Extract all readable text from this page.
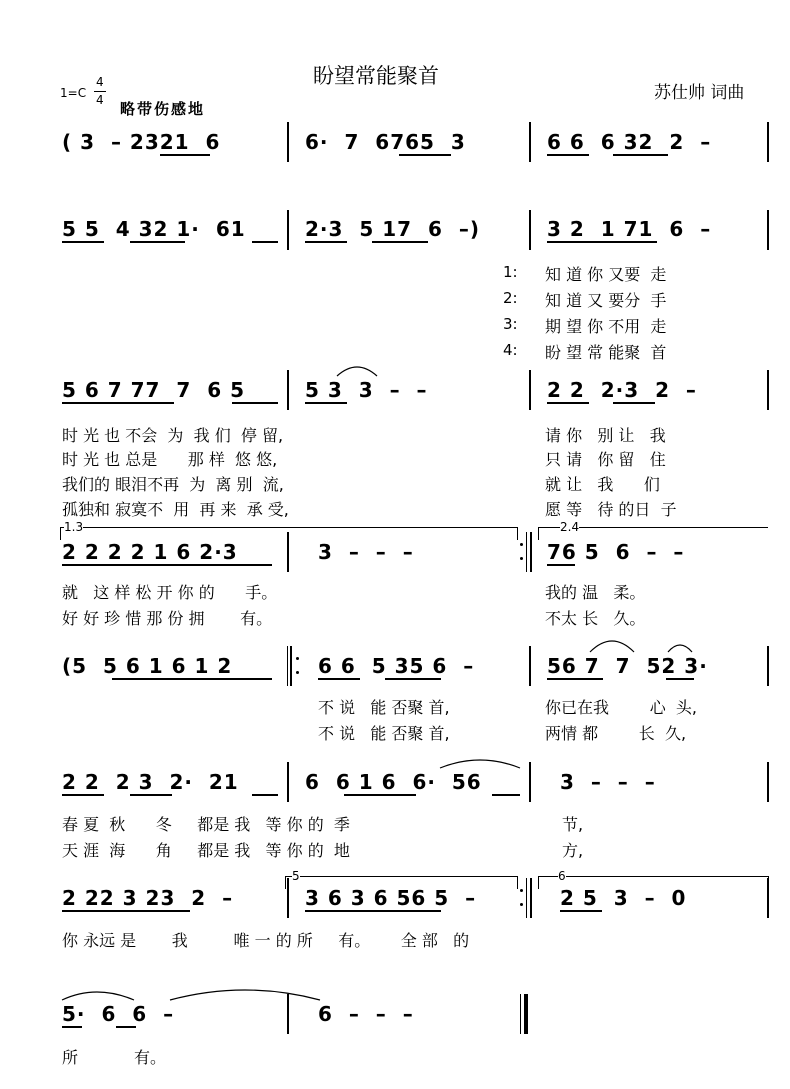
盼望常能聚首
苏仕帅 词曲
1=C
4
4 略带伤感地
( 3  – 2321  6	6·  7  6765  3	6 6  6 32  2  –
5 5  4 32 1·  61	2·3  5 17  6  –)	3 2  1 71  6  –
1:
2:
3:
4:
知 道 你 又要  走
知 道 又 要分  手
期 望 你 不用  走
盼 望 常 能聚  首
5 6 7 77  7  6 5	5 3  3  –  –	2 2  2·3  2  –
时 光 也 不会  为  我 们  停 留,
时 光 也 总是      那 样  悠 悠,
我们的 眼泪不再  为  离 别  流,
孤独和 寂寞不  用  再 来  承 受,
请 你   别 让   我
只 请   你 留   住
就 让   我      们
愿 等   待 的日  子
1.3	2.4
2 2 2 2 1 6 2·3	3  –  –  –	76 5  6  –  –
就   这 样 松 开 你 的      手。
好 好 珍 惜 那 份 拥       有。
我的 温   柔。
不太 长   久。
(5  5 6 1 6 1 2	6 6  5 35 6  –	56 7  7  52 3·
不 说   能 否聚 首,
不 说   能 否聚 首,
你已在我        心  头,
两情 都        长  久,
2 2  2 3  2·  21	6  6 1 6  6·  56	3  –  –  –
春 夏  秋      冬     都是 我   等 你 的  季
天 涯  海      角     都是 我   等 你 的  地
节,
方,
5	6
2 22 3 23  2  –	3 6 3 6 56 5  –	2 5  3  –  0
你 永远 是       我         唯 一 的 所     有。      全 部   的
5·  6  6  –	6  –  –  –
所           有。
